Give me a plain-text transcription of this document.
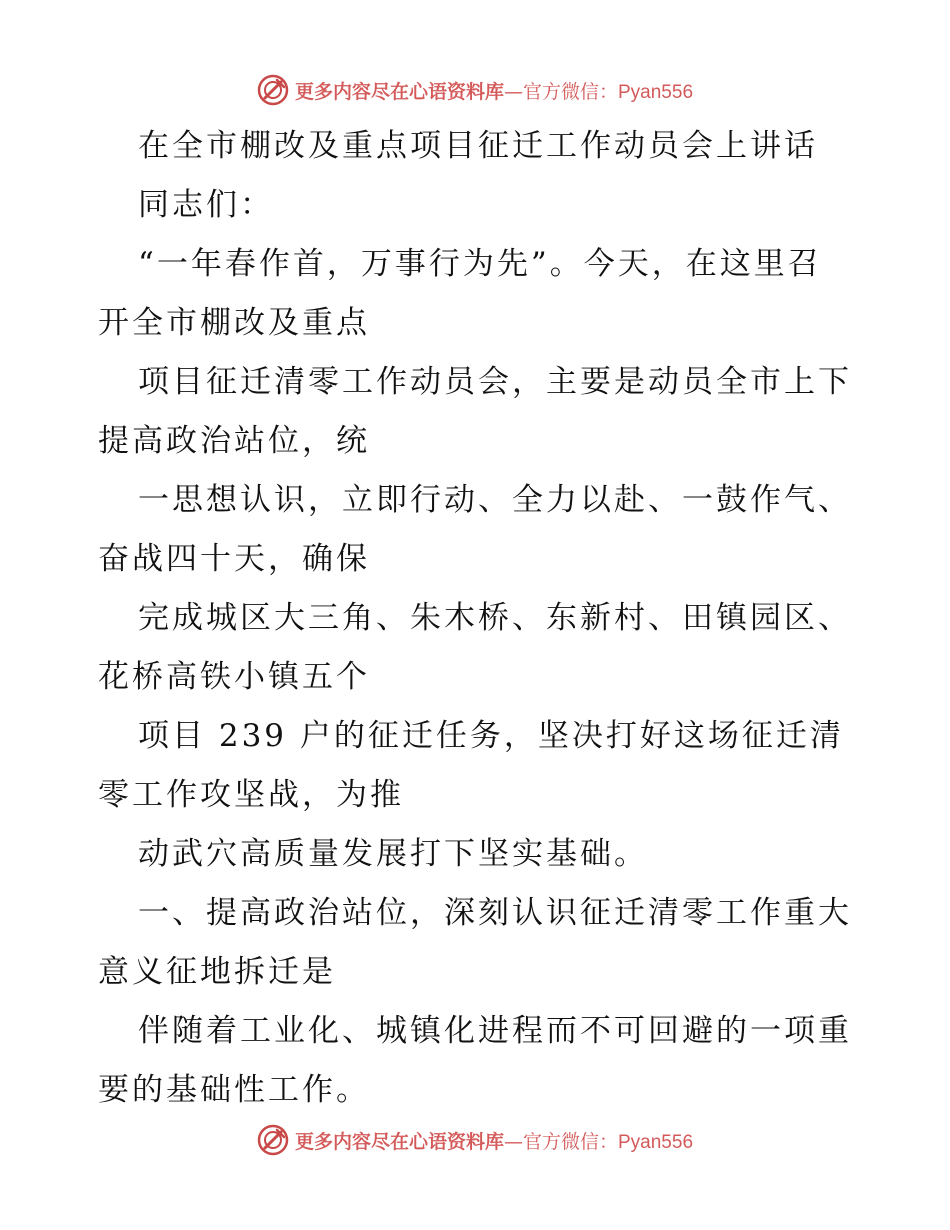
更多内容尽在心语资料库—官方微信：Pyan556
在全市棚改及重点项目征迁工作动员会上讲话
同志们：
“一年春作首，万事行为先”。今天，在这里召
开全市棚改及重点
项目征迁清零工作动员会，主要是动员全市上下
提高政治站位，统
一思想认识，立即行动、全力以赴、一鼓作气、
奋战四十天，确保
完成城区大三角、朱木桥、东新村、田镇园区、
花桥高铁小镇五个
项目 239 户的征迁任务，坚决打好这场征迁清
零工作攻坚战，为推
动武穴高质量发展打下坚实基础。
一、提高政治站位，深刻认识征迁清零工作重大
意义征地拆迁是
伴随着工业化、城镇化进程而不可回避的一项重
要的基础性工作。
更多内容尽在心语资料库—官方微信：Pyan556
